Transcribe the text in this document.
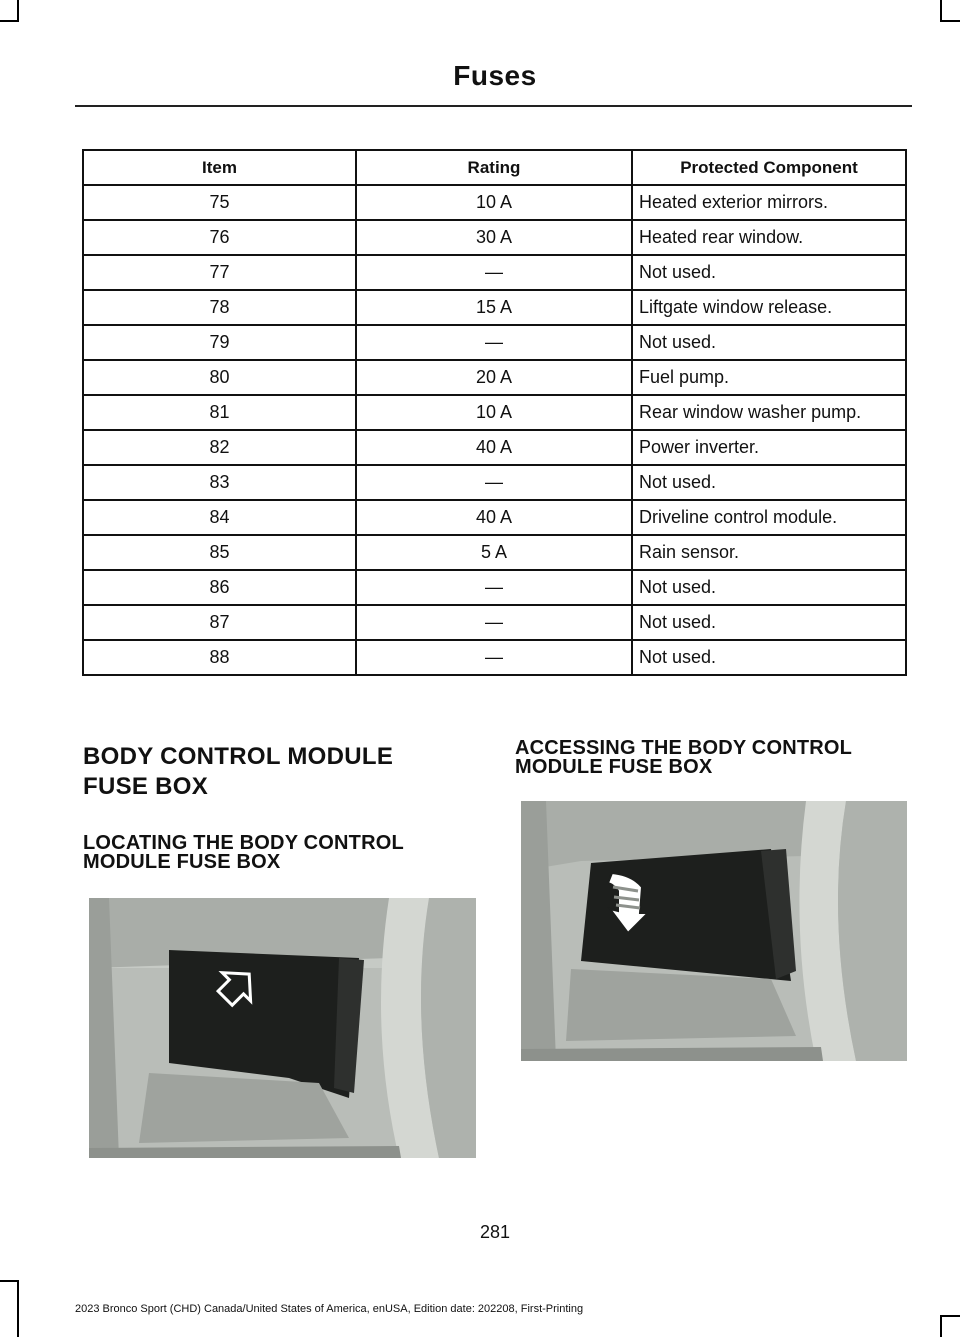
Fuses
Item	Rating	Protected Component
75	10 A	Heated exterior mirrors.
76	30 A	Heated rear window.
77	—	Not used.
78	15 A	Liftgate window release.
79	—	Not used.
80	20 A	Fuel pump.
81	10 A	Rear window washer pump.
82	40 A	Power inverter.
83	—	Not used.
84	40 A	Driveline control module.
85	5 A	Rain sensor.
86	—	Not used.
87	—	Not used.
88	—	Not used.
BODY CONTROL MODULE
FUSE BOX
LOCATING THE BODY CONTROL
MODULE FUSE BOX
ACCESSING THE BODY CONTROL
MODULE FUSE BOX
281
2023 Bronco Sport (CHD) Canada/United States of America, enUSA, Edition date: 202208, First-Printing
